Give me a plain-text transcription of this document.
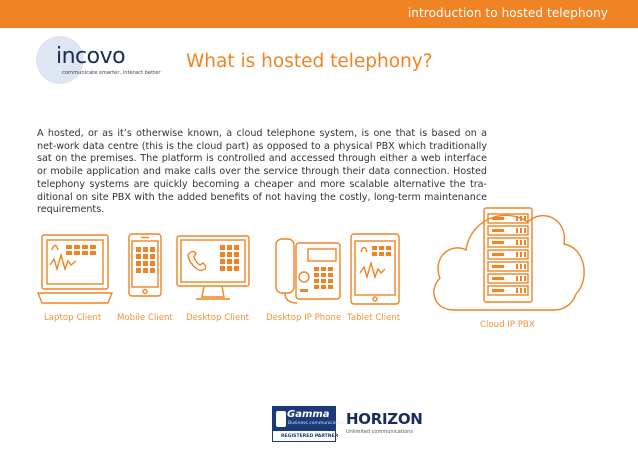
introduction to hosted telephony
incovo
communicate smarter, interact better
What is hosted telephony?

A hosted, or as it’s otherwise known, a cloud telephone system, is one that is based on a net-work data centre (this is the cloud part) as opposed to a physical PBX which traditionally sat on the premises. The platform is controlled and accessed through either a web interface or mobile application and make calls over the service through their data connection. Hosted telephony systems are quickly becoming a cheaper and more scalable alternative the tra-ditional on site PBX with the added benefits of not having the costly, long-term maintenance requirements.

Laptop Client Mobile Client Desktop Client Desktop IP Phone Tablet Client
Cloud IP PBX
Gamma
Business communications
REGISTERED PARTNER
HORIZON
Unlimited communications
